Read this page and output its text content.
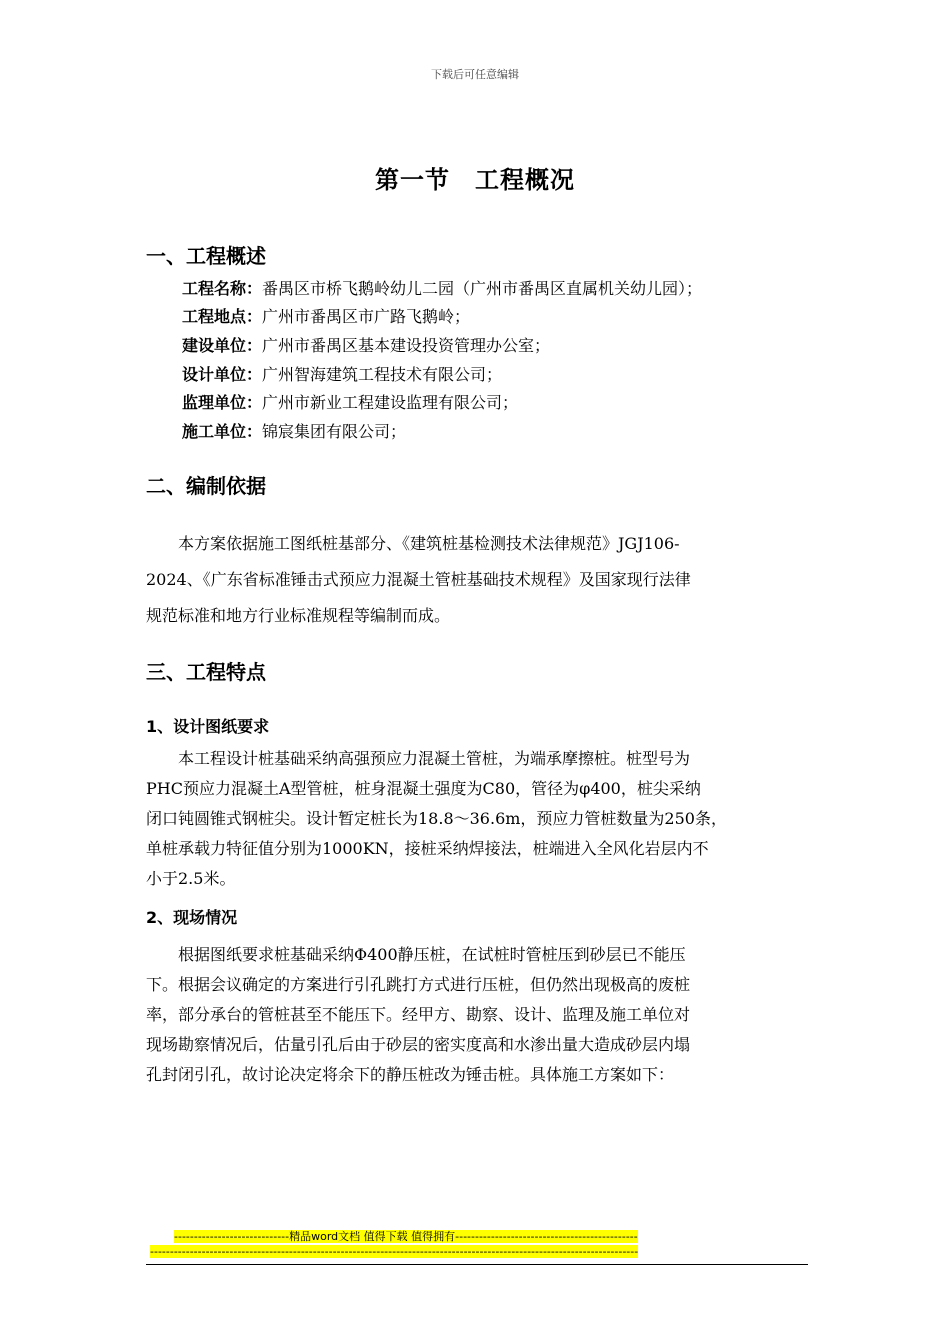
下载后可任意编辑
第一节　工程概况
一、工程概述
工程名称：番禺区市桥飞鹅岭幼儿二园（广州市番禺区直属机关幼儿园）；
工程地点：广州市番禺区市广路飞鹅岭；
建设单位：广州市番禺区基本建设投资管理办公室；
设计单位：广州智海建筑工程技术有限公司；
监理单位：广州市新业工程建设监理有限公司；
施工单位：锦宸集团有限公司；
二、编制依据
　　本方案依据施工图纸桩基部分、《建筑桩基检测技术法律规范》JGJ106-
2024、《广东省标准锤击式预应力混凝土管桩基础技术规程》及国家现行法律
规范标准和地方行业标准规程等编制而成。
三、工程特点
1、设计图纸要求
　　本工程设计桩基础采纳高强预应力混凝土管桩，为端承摩擦桩。桩型号为
PHC预应力混凝土A型管桩，桩身混凝土强度为C80，管径为φ400，桩尖采纳
闭口钝圆锥式钢桩尖。设计暂定桩长为18.8～36.6m，预应力管桩数量为250条，
单桩承载力特征值分别为1000KN，接桩采纳焊接法，桩端进入全风化岩层内不
小于2.5米。
2、现场情况
　　根据图纸要求桩基础采纳Φ400静压桩，在试桩时管桩压到砂层已不能压
下。根据会议确定的方案进行引孔跳打方式进行压桩，但仍然出现极高的废桩
率，部分承台的管桩甚至不能压下。经甲方、勘察、设计、监理及施工单位对
现场勘察情况后，估量引孔后由于砂层的密实度高和水渗出量大造成砂层内塌
孔封闭引孔，故讨论决定将余下的静压桩改为锤击桩。具体施工方案如下：
-----------------------------精品word文档 值得下载 值得拥有----------------------------------------------
---------------------------------------------------------------------------------------------------------------------------
